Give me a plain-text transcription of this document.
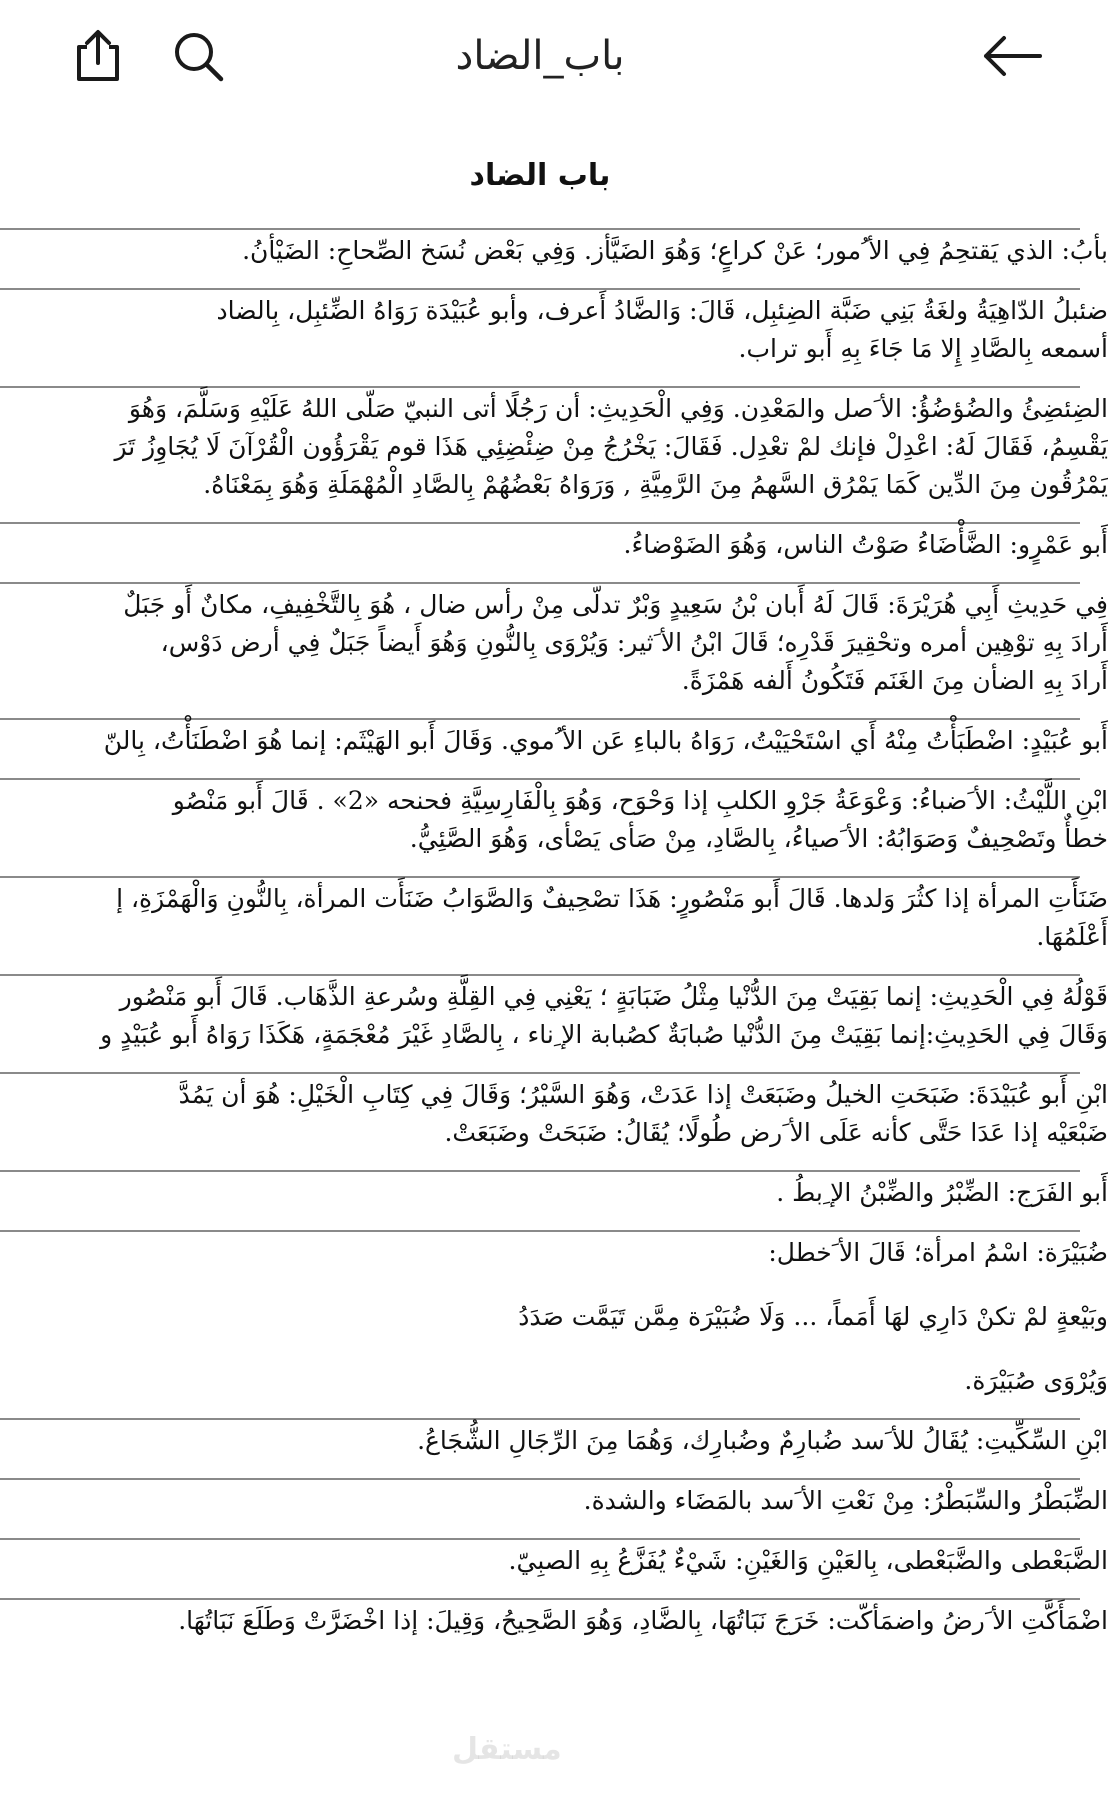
باب_الضاد
باب الضاد
بأبُ: الذي يَقتحِمُ فِي الأ ُمور؛ عَنْ كراعٍ؛ وَهُوَ الضَيَّأز. وَفِي بَعْض نُسَخ الصِّحاحِ: الضَيْأنُ.
ضئبلُ الدّاهِيَةُ ولغَةُ بَنِي ضَبَّة الضِئبِل، قَالَ: وَالضَّادُ أَعرف، وأبو عُبَيْدَة رَوَاهُ الضِّئبِل، بِالضاد
أسمعه بِالصَّادِ إِلا مَا جَاءَ بِهِ أَبو تراب.
الضِئضِئُ والضُؤضُؤُ: الأ َصل والمَعْدِن. وَفِي الْحَدِيثِ: أن رَجُلًا أتى النبيّ صَلّى اللهُ عَلَيْهِ وَسَلَّمَ، وَهُوَ
يَقْسِمُ، فَقَالَ لَهُ: اعْدِلْ فإنك لمْ تعْدِل. فَقَالَ: يَخْرُجُ مِنْ ضِئْضِئِي هَذَا قوم يَقْرَؤُون الْقُرْآنَ لَا يُجَاوِزُ تَرَ
يَمْرُقُون مِنَ الدِّين كَمَا يَمْرُق السَّهمُ مِنَ الرَّمِيَّةِ , وَرَوَاهُ بَعْضُهُمْ بِالصَّادِ الْمُهْمَلَةِ وَهُوَ بِمَعْنَاهُ.
أَبو عَمْرٍو: الضَّأْضَاءُ صَوْتُ الناس، وَهُوَ الضَوْضاءُ.
فِي حَدِيثِ أَبِي هُرَيْرَةَ: قَالَ لَهُ أَبان بْنُ سَعِيدٍ وَبْرٌ تدلّى مِنْ رأس ضال ، هُوَ بِالتَّخْفِيفِ، مكانٌ أَو جَبَلٌ
أَرادَ بِهِ توْهِين أمره وتحْقِيرَ قَدْرِه؛ قَالَ ابْنُ الأ َثير: وَيُرْوَى بِالنُّونِ وَهُوَ أَيضاً جَبَلٌ فِي أرض دَوْس،
أَرادَ بِهِ الضأن مِنَ الغَنَم فَتَكُونُ أَلفه هَمْزَةً.
أَبو عُبَيْدٍ: اضْطَبَأْتُ مِنْهُ أَي اسْتَحْيَيْتُ، رَوَاهُ بالباءِ عَن الأ ُموي. وَقَالَ أَبو الهَيْثَم: إنما هُوَ اضْطَنَأْتُ، بِالنّ
ابْنِ اللَّيْثُ: الأ َضباءُ: وَعْوَعَةُ جَرْوِ الكلبِ إذا وَحْوَح، وَهُوَ بِالْفَارِسِيَّةِ فحنحه «2» . قَالَ أَبو مَنْصُو
خطأٌ وتَصْحِيفٌ وَصَوَابُهُ: الأ َصياءُ، بِالصَّادِ، مِنْ صَأى يَصْأى، وَهُوَ الصَّئِيُّ.
ضَنَأَتِ المرأة إذا كثُرَ وَلدها. قَالَ أَبو مَنْصُورٍ: هَذَا تصْحِيفٌ وَالصَّوَابُ ضَنَأَت المرأة، بِالنُّونِ وَالْهَمْزَةِ، إ
أَعْلَمُهَا.
قَوْلُهُ فِي الْحَدِيثِ: إنما بَقِيَتْ مِنَ الدُّنْيا مِثْلُ ضَبَابَةٍ ؛ يَعْنِي فِي القِلَّةِ وسُرعةِ الذَّهَاب. قَالَ أَبو مَنْصُور
وَقَالَ فِي الحَدِيثِ:إنما بَقِيَتْ مِنَ الدُّنْيا صُبابَةٌ كصُبابة الإ ِناء ، بِالصَّادِ غَيْرَ مُعْجَمَةٍ، هَكَذَا رَوَاهُ أَبو عُبَيْدٍ و
ابْنِ أَبو عُبَيْدَةَ: ضَبَحَتِ الخيلُ وضَبَعَتْ إذا عَدَتْ، وَهُوَ السَّيْرُ؛ وَقَالَ فِي كِتَابِ الْخَيْلِ: هُوَ أن يَمُدَّ
ضَبْعَيْه إذا عَدَا حَتَّى كأنه عَلَى الأ َرض طُولًا؛ يُقَالُ: ضَبَحَتْ وضَبَعَتْ.
أَبو الفَرَج: الضِّبْرُ والضِّبْنُ الإ ِبطُ .
ضُبَيْرَة: اسْمُ امرأة؛ قَالَ الأ َخطل:
وبَيْعةٍ لمْ تكنْ دَارِي لهَا أَمَماً، ... وَلَا ضُبَيْرَة مِمَّن تَيَمَّت صَدَدُ
وَيُرْوَى صُبَيْرَة.
ابْنِ السِّكِّيتِ: يُقَالُ للأ َسد ضُبارِمٌ وضُبارِك، وَهُمَا مِنَ الرِّجَالِ الشُّجَاعُ.
الضِّبَطْرُ والسِّبَطْرُ: مِنْ نَعْتِ الأ َسد بالمَضَاء والشدة.
الضَّبَعْطى والضَّبَعْطى، بِالعَيْنِ وَالغَيْنِ: شَيْءٌ يُفَزَّعُ بِهِ الصبِيّ.
اضْمَأَكَّتِ الأ َرضُ واضمَأكّت: خَرَجَ نَبَاتُهَا، بِالضَّادِ، وَهُوَ الصَّحِيحُ، وَقِيلَ: إذا اخْضَرَّتْ وَطَلَعَ نَبَاتُهَا.
مستقل
